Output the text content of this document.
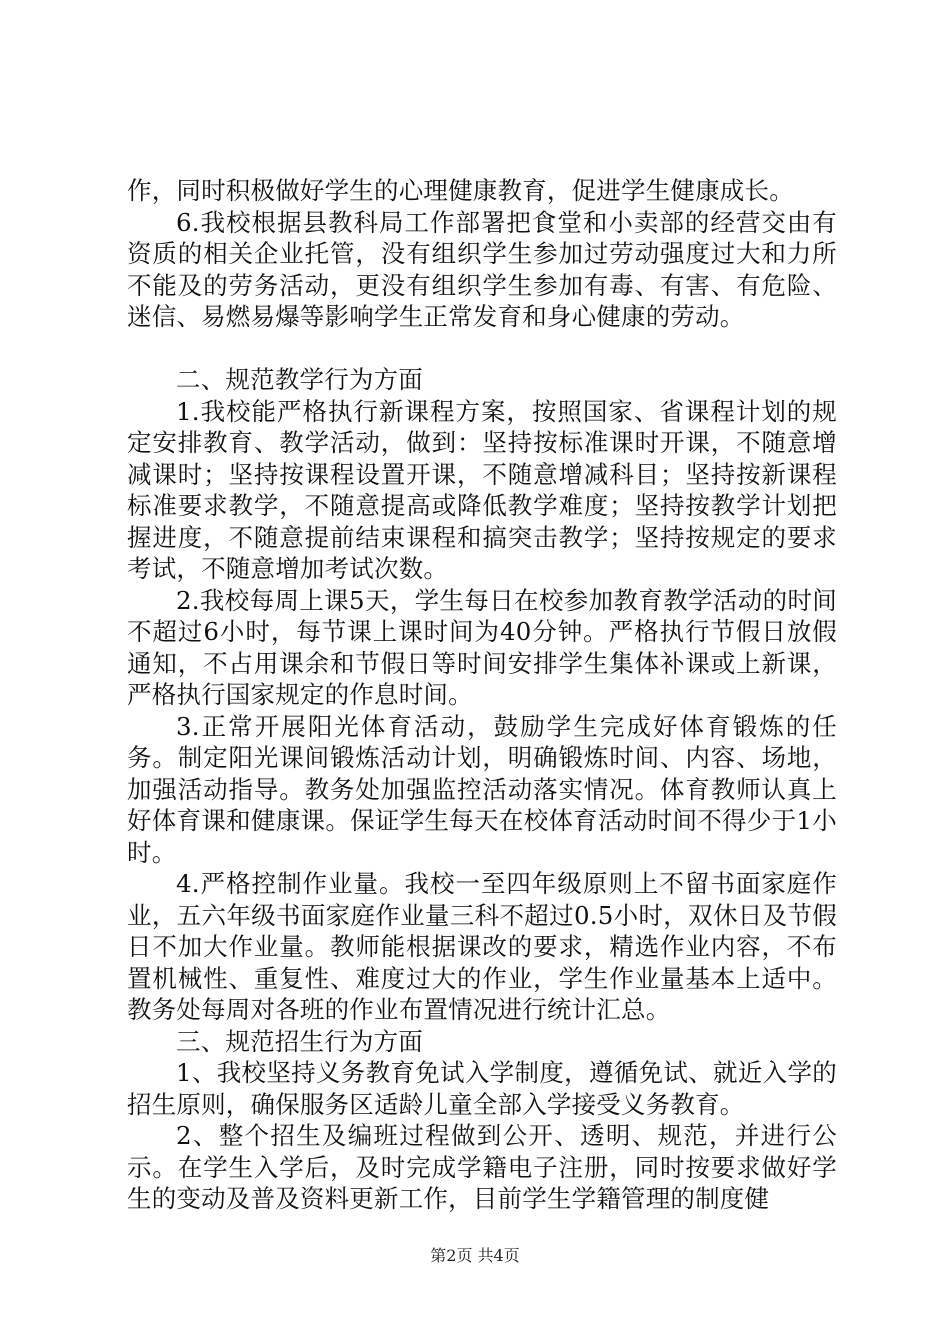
作，同时积极做好学生的心理健康教育，促进学生健康成长。

6.我校根据县教科局工作部署把食堂和小卖部的经营交由有资质的相关企业托管，没有组织学生参加过劳动强度过大和力所不能及的劳务活动，更没有组织学生参加有毒、有害、有危险、迷信、易燃易爆等影响学生正常发育和身心健康的劳动。

二、规范教学行为方面

1.我校能严格执行新课程方案，按照国家、省课程计划的规定安排教育、教学活动，做到：坚持按标准课时开课，不随意增减课时；坚持按课程设置开课，不随意增减科目；坚持按新课程标准要求教学，不随意提高或降低教学难度；坚持按教学计划把握进度，不随意提前结束课程和搞突击教学；坚持按规定的要求考试，不随意增加考试次数。

2.我校每周上课5天，学生每日在校参加教育教学活动的时间不超过6小时，每节课上课时间为40分钟。严格执行节假日放假通知，不占用课余和节假日等时间安排学生集体补课或上新课，严格执行国家规定的作息时间。

3.正常开展阳光体育活动，鼓励学生完成好体育锻炼的任务。制定阳光课间锻炼活动计划，明确锻炼时间、内容、场地，加强活动指导。教务处加强监控活动落实情况。体育教师认真上好体育课和健康课。保证学生每天在校体育活动时间不得少于1小时。

4.严格控制作业量。我校一至四年级原则上不留书面家庭作业，五六年级书面家庭作业量三科不超过0.5小时，双休日及节假日不加大作业量。教师能根据课改的要求，精选作业内容，不布置机械性、重复性、难度过大的作业，学生作业量基本上适中。教务处每周对各班的作业布置情况进行统计汇总。

三、规范招生行为方面

1、我校坚持义务教育免试入学制度，遵循免试、就近入学的招生原则，确保服务区适龄儿童全部入学接受义务教育。

2、整个招生及编班过程做到公开、透明、规范，并进行公示。在学生入学后，及时完成学籍电子注册，同时按要求做好学生的变动及普及资料更新工作，目前学生学籍管理的制度健

第2页 共4页
